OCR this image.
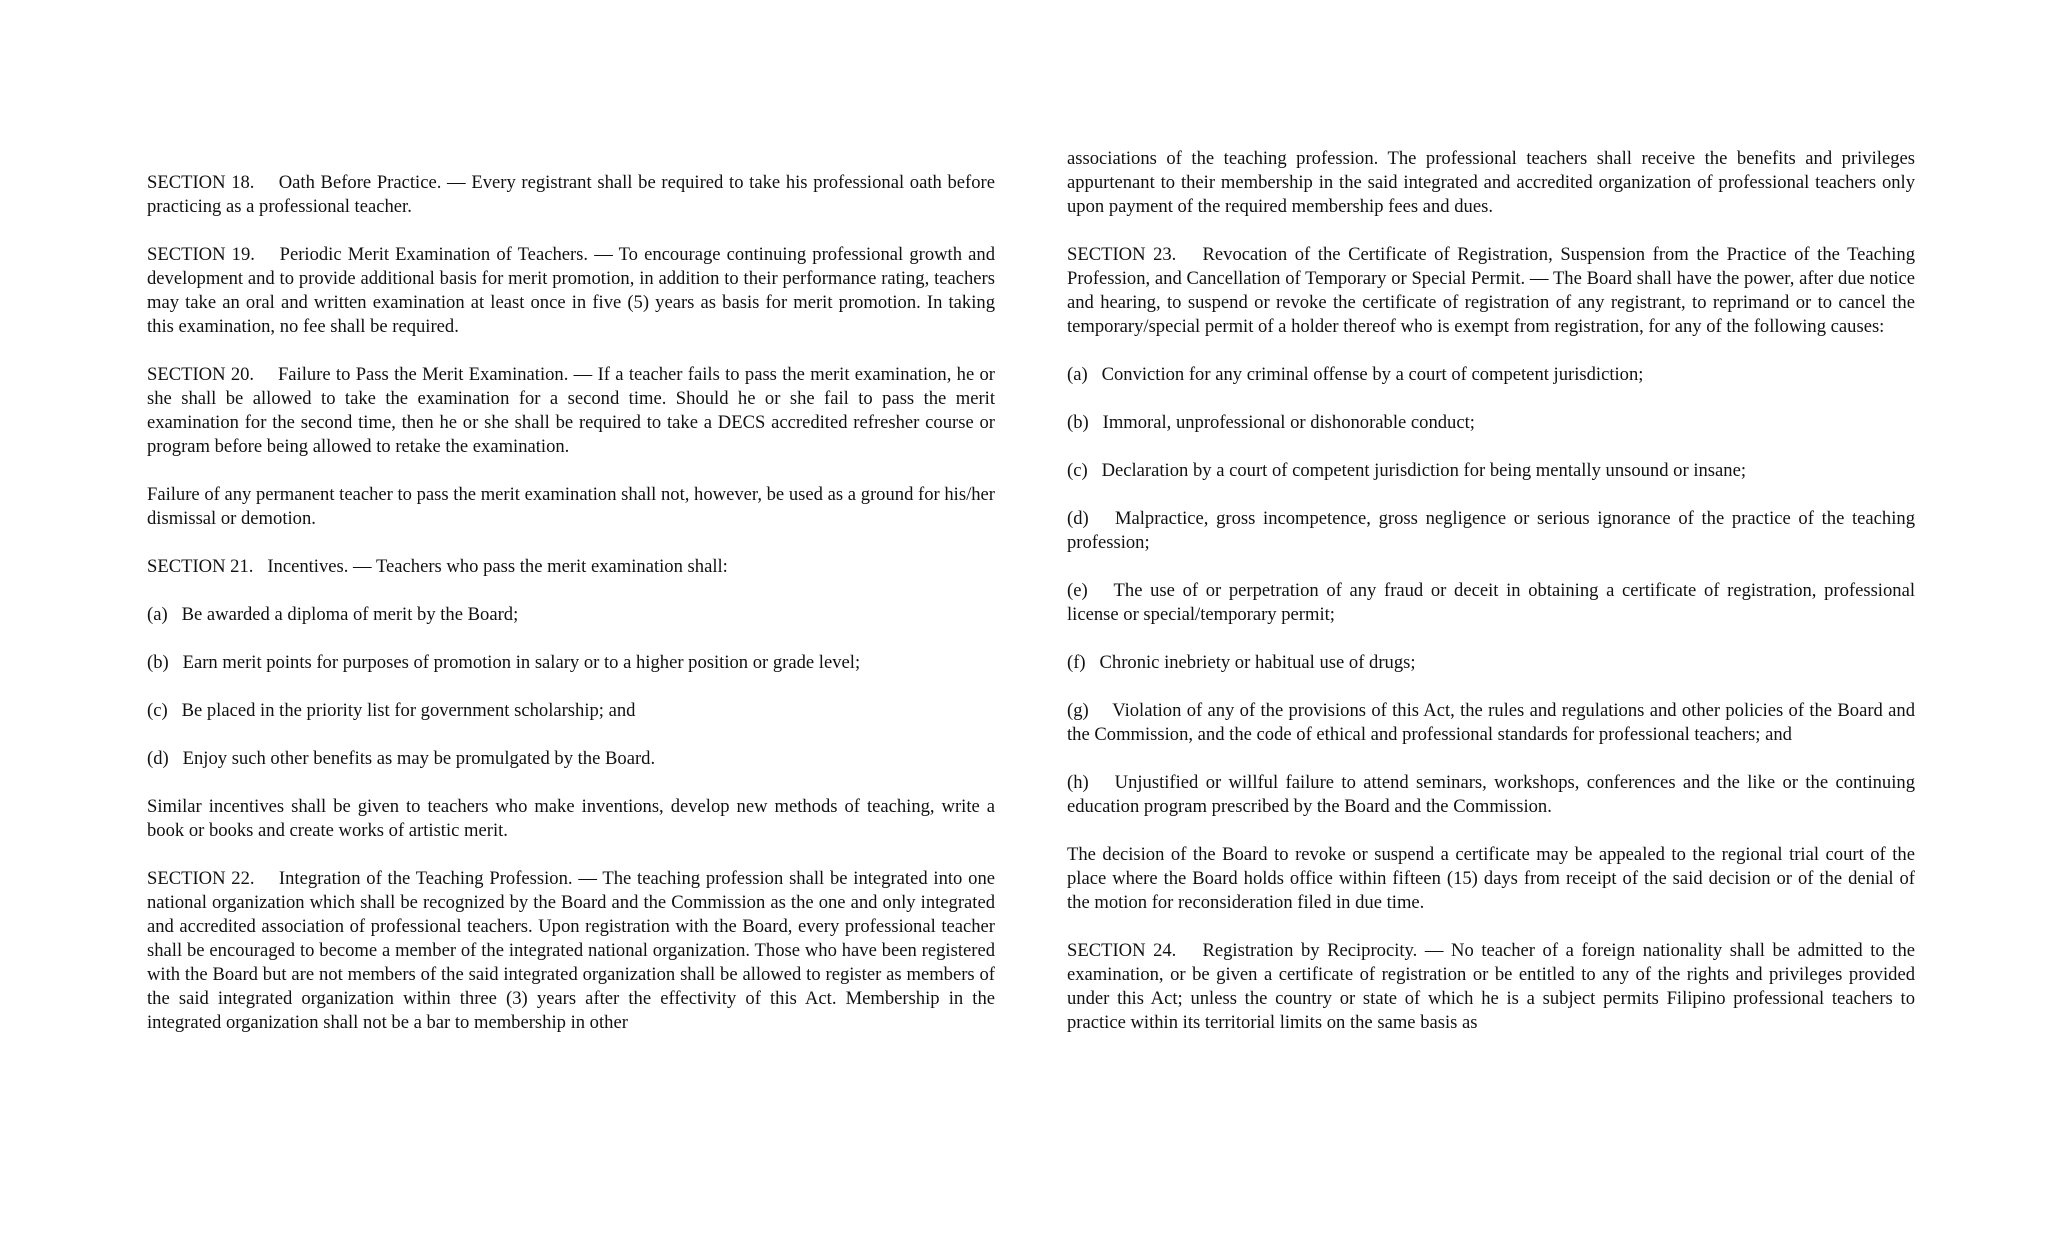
SECTION 18.  Oath Before Practice. — Every registrant shall be required to take his professional oath before practicing as a professional teacher.

SECTION 19.  Periodic Merit Examination of Teachers. — To encourage continuing professional growth and development and to provide additional basis for merit promotion, in addition to their performance rating, teachers may take an oral and written examination at least once in five (5) years as basis for merit promotion. In taking this examination, no fee shall be required.

SECTION 20.  Failure to Pass the Merit Examination. — If a teacher fails to pass the merit examination, he or she shall be allowed to take the examination for a second time. Should he or she fail to pass the merit examination for the second time, then he or she shall be required to take a DECS accredited refresher course or program before being allowed to retake the examination.

Failure of any permanent teacher to pass the merit examination shall not, however, be used as a ground for his/her dismissal or demotion.

SECTION 21.  Incentives. — Teachers who pass the merit examination shall:

(a)  Be awarded a diploma of merit by the Board;

(b)  Earn merit points for purposes of promotion in salary or to a higher position or grade level;

(c)  Be placed in the priority list for government scholarship; and

(d)  Enjoy such other benefits as may be promulgated by the Board.

Similar incentives shall be given to teachers who make inventions, develop new methods of teaching, write a book or books and create works of artistic merit.

SECTION 22.  Integration of the Teaching Profession. — The teaching profession shall be integrated into one national organization which shall be recognized by the Board and the Commission as the one and only integrated and accredited association of professional teachers. Upon registration with the Board, every professional teacher shall be encouraged to become a member of the integrated national organization. Those who have been registered with the Board but are not members of the said integrated organization shall be allowed to register as members of the said integrated organization within three (3) years after the effectivity of this Act. Membership in the integrated organization shall not be a bar to membership in other

associations of the teaching profession. The professional teachers shall receive the benefits and privileges appurtenant to their membership in the said integrated and accredited organization of professional teachers only upon payment of the required membership fees and dues.

SECTION 23.  Revocation of the Certificate of Registration, Suspension from the Practice of the Teaching Profession, and Cancellation of Temporary or Special Permit. — The Board shall have the power, after due notice and hearing, to suspend or revoke the certificate of registration of any registrant, to reprimand or to cancel the temporary/special permit of a holder thereof who is exempt from registration, for any of the following causes:

(a)  Conviction for any criminal offense by a court of competent jurisdiction;

(b)  Immoral, unprofessional or dishonorable conduct;

(c)  Declaration by a court of competent jurisdiction for being mentally unsound or insane;

(d)  Malpractice, gross incompetence, gross negligence or serious ignorance of the practice of the teaching profession;

(e)  The use of or perpetration of any fraud or deceit in obtaining a certificate of registration, professional license or special/temporary permit;

(f)  Chronic inebriety or habitual use of drugs;

(g)  Violation of any of the provisions of this Act, the rules and regulations and other policies of the Board and the Commission, and the code of ethical and professional standards for professional teachers; and

(h)  Unjustified or willful failure to attend seminars, workshops, conferences and the like or the continuing education program prescribed by the Board and the Commission.

The decision of the Board to revoke or suspend a certificate may be appealed to the regional trial court of the place where the Board holds office within fifteen (15) days from receipt of the said decision or of the denial of the motion for reconsideration filed in due time.

SECTION 24.  Registration by Reciprocity. — No teacher of a foreign nationality shall be admitted to the examination, or be given a certificate of registration or be entitled to any of the rights and privileges provided under this Act; unless the country or state of which he is a subject permits Filipino professional teachers to practice within its territorial limits on the same basis as
